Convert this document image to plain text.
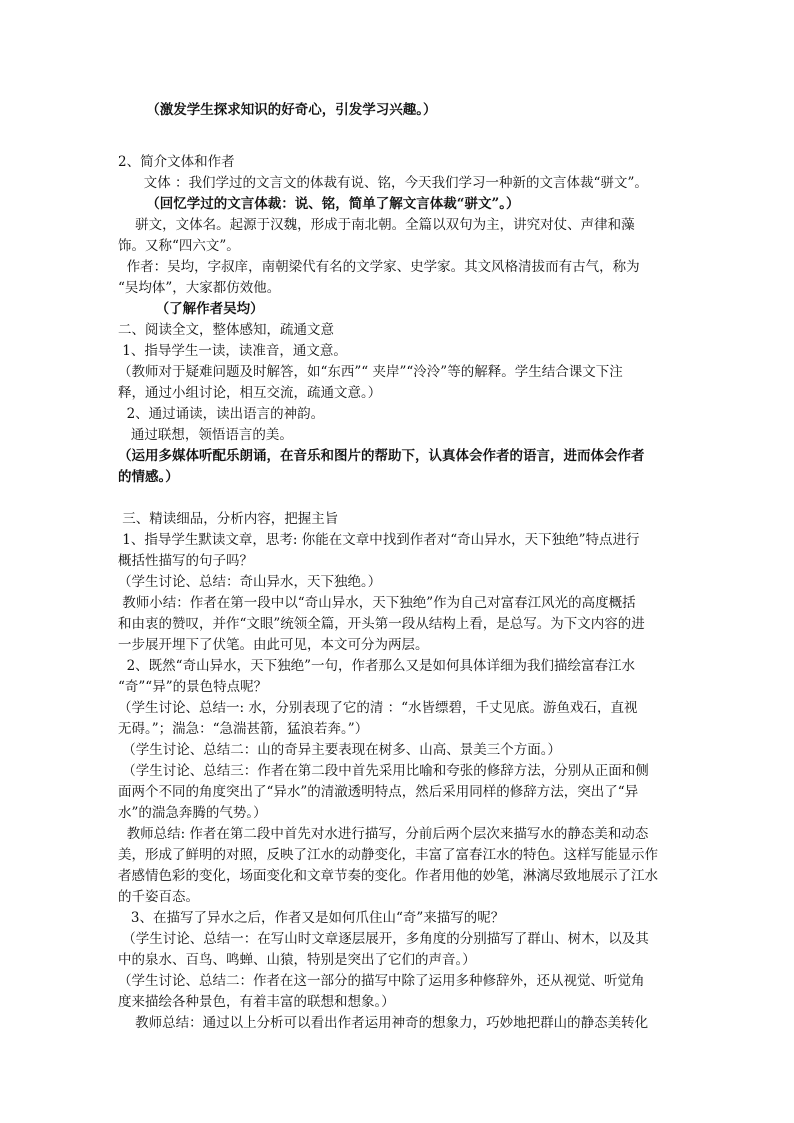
（激发学生探求知识的好奇心，引发学习兴趣。）

2、简介文体和作者

文体 ：我们学过的文言文的体裁有说、铭，今天我们学习一种新的文言体裁“骈文”。

（回忆学过的文言体裁：说、铭，简单了解文言体裁“骈文”。）

骈文，文体名。起源于汉魏，形成于南北朝。全篇以双句为主，讲究对仗、声律和藻

饰。又称“四六文”。

作者：吴均，字叔庠，南朝梁代有名的文学家、史学家。其文风格清拔而有古气，称为

“吴均体”，大家都仿效他。

（了解作者吴均）

二、阅读全文，整体感知，疏通文意

1、指导学生一读，读准音，通文意。

（教师对于疑难问题及时解答，如“东西”“ 夹岸”“泠泠”等的解释。学生结合课文下注

释，通过小组讨论，相互交流，疏通文意。）

2、通过诵读，读出语言的神韵。

通过联想，领悟语言的美。

（运用多媒体听配乐朗诵，在音乐和图片的帮助下，认真体会作者的语言，进而体会作者

的情感。）

三、精读细品，分析内容，把握主旨

1、指导学生默读文章，思考: 你能在文章中找到作者对“奇山异水，天下独绝”特点进行

概括性描写的句子吗？

（学生讨论、总结：奇山异水，天下独绝。）

教师小结：作者在第一段中以“奇山异水，天下独绝”作为自己对富春江风光的高度概括

和由衷的赞叹，并作“文眼”统领全篇，开头第一段从结构上看，是总写。为下文内容的进

一步展开埋下了伏笔。由此可见，本文可分为两层。

2、既然“奇山异水，天下独绝”一句，作者那么又是如何具体详细为我们描绘富春江水

“奇”“异”的景色特点呢？

（学生讨论、总结一: 水，分别表现了它的清 ：“水皆缥碧，千丈见底。游鱼戏石，直视

无碍。”；湍急：“急湍甚箭，猛浪若奔。”）

（学生讨论、总结二：山的奇异主要表现在树多、山高、景美三个方面。）

（学生讨论、总结三：作者在第二段中首先采用比喻和夸张的修辞方法，分别从正面和侧

面两个不同的角度突出了“异水”的清澈透明特点，然后采用同样的修辞方法，突出了“异

水”的湍急奔腾的气势。）

教师总结: 作者在第二段中首先对水进行描写，分前后两个层次来描写水的静态美和动态

美，形成了鲜明的对照，反映了江水的动静变化，丰富了富春江水的特色。这样写能显示作

者感情色彩的变化，场面变化和文章节奏的变化。作者用他的妙笔，淋漓尽致地展示了江水

的千姿百态。

3、在描写了异水之后，作者又是如何爪住山“奇”来描写的呢？

（学生讨论、总结一：在写山时文章逐层展开，多角度的分别描写了群山、树木，以及其

中的泉水、百鸟、鸣蝉、山猿，特别是突出了它们的声音。）

（学生讨论、总结二：作者在这一部分的描写中除了运用多种修辞外，还从视觉、听觉角

度来描绘各种景色，有着丰富的联想和想象。）

教师总结：通过以上分析可以看出作者运用神奇的想象力，巧妙地把群山的静态美转化
